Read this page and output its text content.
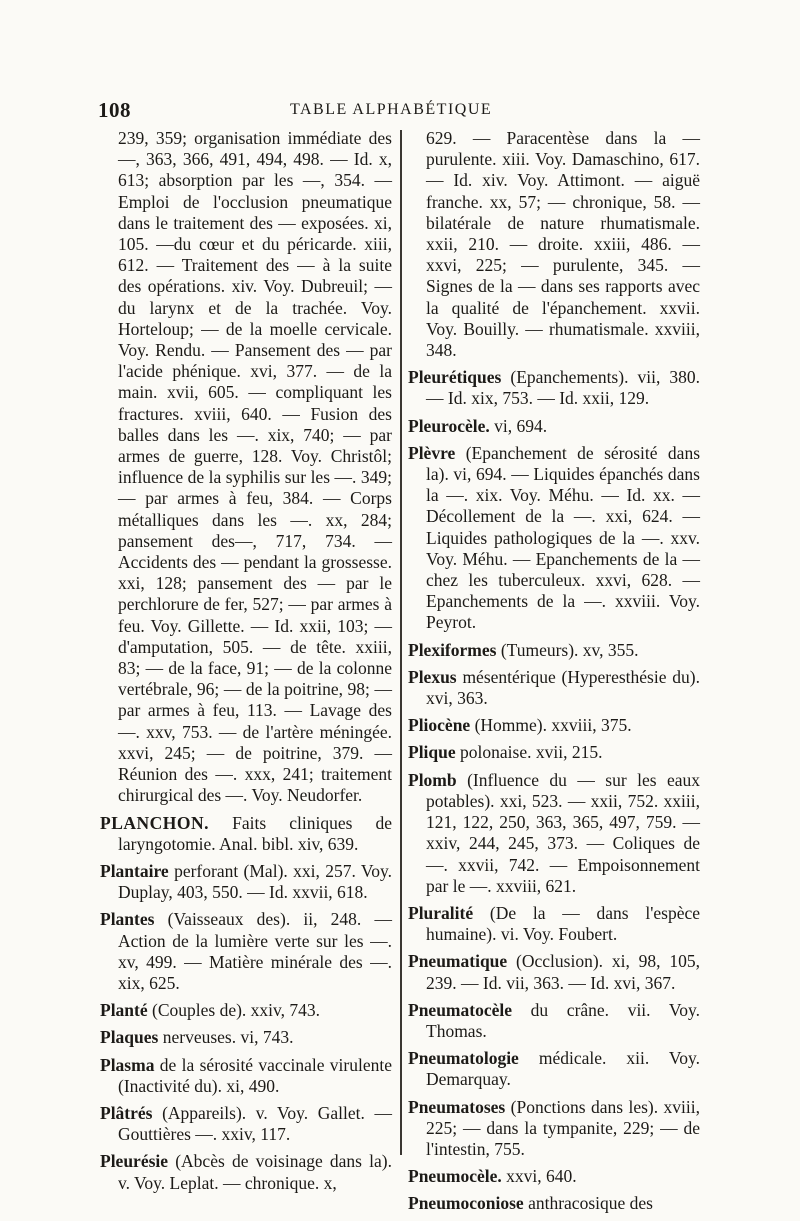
108	TABLE ALPHABÉTIQUE
239, 359; organisation immédiate des —, 363, 366, 491, 494, 498. — Id. x, 613; absorption par les —, 354. — Emploi de l'occlusion pneumatique dans le traitement des — exposées. xi, 105. —du cœur et du péricarde. xiii, 612. — Traitement des — à la suite des opérations. xiv. Voy. Dubreuil; — du larynx et de la trachée. Voy. Horteloup; — de la moelle cervicale. Voy. Rendu. — Pansement des — par l'acide phénique. xvi, 377. — de la main. xvii, 605. — compliquant les fractures. xviii, 640. — Fusion des balles dans les —. xix, 740; — par armes de guerre, 128. Voy. Christôl; influence de la syphilis sur les —. 349; — par armes à feu, 384. — Corps métalliques dans les —. xx, 284; pansement des—, 717, 734. — Accidents des — pendant la grossesse. xxi, 128; pansement des — par le perchlorure de fer, 527; — par armes à feu. Voy. Gillette. — Id. xxii, 103; — d'amputation, 505. — de tête. xxiii, 83; — de la face, 91; — de la colonne vertébrale, 96; — de la poitrine, 98; — par armes à feu, 113. — Lavage des —. xxv, 753. — de l'artère méningée. xxvi, 245; — de poitrine, 379. —Réunion des —. xxx, 241; traitement chirurgical des —. Voy. Neudorfer.
PLANCHON. Faits cliniques de laryngotomie. Anal. bibl. xiv, 639.
Plantaire perforant (Mal). xxi, 257. Voy. Duplay, 403, 550. — Id. xxvii, 618.
Plantes (Vaisseaux des). ii, 248. — Action de la lumière verte sur les —. xv, 499. — Matière minérale des —. xix, 625.
Planté (Couples de). xxiv, 743.
Plaques nerveuses. vi, 743.
Plasma de la sérosité vaccinale virulente (Inactivité du). xi, 490.
Plâtrés (Appareils). v. Voy. Gallet. — Gouttières —. xxiv, 117.
Pleurésie (Abcès de voisinage dans la). v. Voy. Leplat. — chronique. x,
629. — Paracentèse dans la — purulente. xiii. Voy. Damaschino, 617. — Id. xiv. Voy. Attimont. — aiguë franche. xx, 57; — chronique, 58. — bilatérale de nature rhumatismale. xxii, 210. — droite. xxiii, 486. — xxvi, 225; — purulente, 345. — Signes de la — dans ses rapports avec la qualité de l'épanchement. xxvii. Voy. Bouilly. — rhumatismale. xxviii, 348.
Pleurétiques (Epanchements). vii, 380. — Id. xix, 753. — Id. xxii, 129.
Pleurocèle. vi, 694.
Plèvre (Epanchement de sérosité dans la). vi, 694. — Liquides épanchés dans la —. xix. Voy. Méhu. — Id. xx. — Décollement de la —. xxi, 624. — Liquides pathologiques de la —. xxv. Voy. Méhu. — Epanchements de la — chez les tuberculeux. xxvi, 628. — Epanchements de la —. xxviii. Voy. Peyrot.
Plexiformes (Tumeurs). xv, 355.
Plexus mésentérique (Hyperesthésie du). xvi, 363.
Pliocène (Homme). xxviii, 375.
Plique polonaise. xvii, 215.
Plomb (Influence du — sur les eaux potables). xxi, 523. — xxii, 752. xxiii, 121, 122, 250, 363, 365, 497, 759. — xxiv, 244, 245, 373. — Coliques de —. xxvii, 742. — Empoisonnement par le —. xxviii, 621.
Pluralité (De la — dans l'espèce humaine). vi. Voy. Foubert.
Pneumatique (Occlusion). xi, 98, 105, 239. — Id. vii, 363. — Id. xvi, 367.
Pneumatocèle du crâne. vii. Voy. Thomas.
Pneumatologie médicale. xii. Voy. Demarquay.
Pneumatoses (Ponctions dans les). xviii, 225; — dans la tympanite, 229; — de l'intestin, 755.
Pneumocèle. xxvi, 640.
Pneumoconiose anthracosique des
